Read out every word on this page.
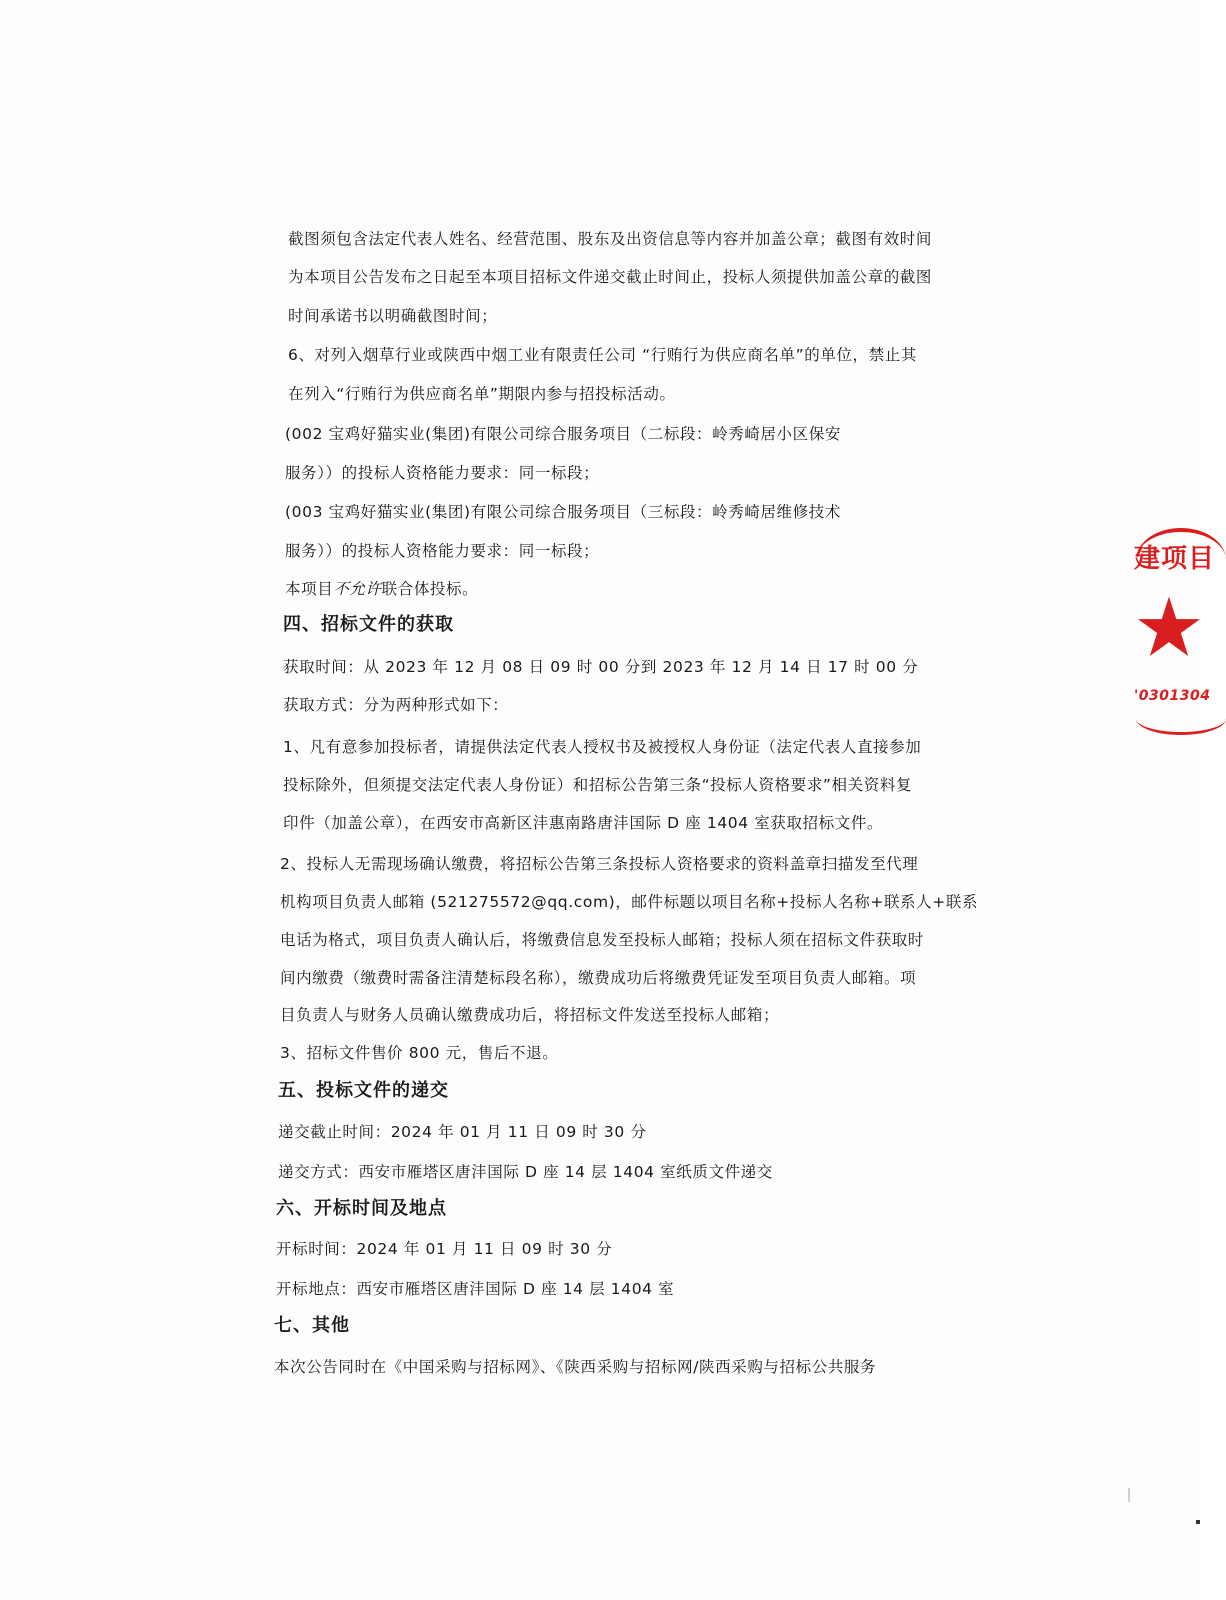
截图须包含法定代表人姓名、经营范围、股东及出资信息等内容并加盖公章；截图有效时间
为本项目公告发布之日起至本项目招标文件递交截止时间止，投标人须提供加盖公章的截图
时间承诺书以明确截图时间；
6、对列入烟草行业或陕西中烟工业有限责任公司 “行贿行为供应商名单”的单位，禁止其
在列入“行贿行为供应商名单”期限内参与招投标活动。
(002 宝鸡好猫实业(集团)有限公司综合服务项目（二标段：岭秀崎居小区保安
服务））的投标人资格能力要求：同一标段；
(003 宝鸡好猫实业(集团)有限公司综合服务项目（三标段：岭秀崎居维修技术
服务））的投标人资格能力要求：同一标段；
本项目不允许联合体投标。
四、招标文件的获取
获取时间：从 2023 年 12 月 08 日 09 时 00 分到 2023 年 12 月 14 日 17 时 00 分
获取方式：分为两种形式如下：
1、凡有意参加投标者，请提供法定代表人授权书及被授权人身份证（法定代表人直接参加
投标除外，但须提交法定代表人身份证）和招标公告第三条“投标人资格要求”相关资料复
印件（加盖公章），在西安市高新区沣惠南路唐沣国际 D 座 1404 室获取招标文件。
2、投标人无需现场确认缴费，将招标公告第三条投标人资格要求的资料盖章扫描发至代理
机构项目负责人邮箱 (521275572@qq.com)，邮件标题以项目名称+投标人名称+联系人+联系
电话为格式，项目负责人确认后，将缴费信息发至投标人邮箱；投标人须在招标文件获取时
间内缴费（缴费时需备注清楚标段名称），缴费成功后将缴费凭证发至项目负责人邮箱。项
目负责人与财务人员确认缴费成功后，将招标文件发送至投标人邮箱；
3、招标文件售价 800 元，售后不退。
五、投标文件的递交
递交截止时间：2024 年 01 月 11 日 09 时 30 分
递交方式：西安市雁塔区唐沣国际 D 座 14 层 1404 室纸质文件递交
六、开标时间及地点
开标时间：2024 年 01 月 11 日 09 时 30 分
开标地点：西安市雁塔区唐沣国际 D 座 14 层 1404 室
七、其他
本次公告同时在《中国采购与招标网》、《陕西采购与招标网/陕西采购与招标公共服务
建项目
'0301304
